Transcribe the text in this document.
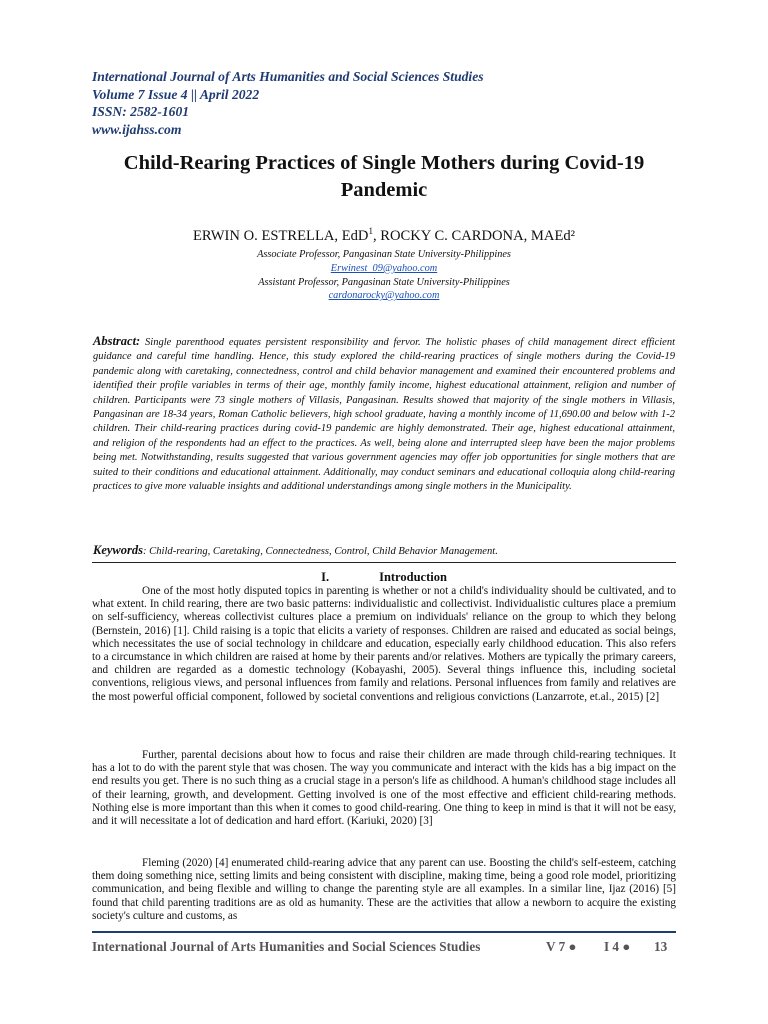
International Journal of Arts Humanities and Social Sciences Studies
Volume 7 Issue 4 || April 2022
ISSN: 2582-1601
www.ijahss.com
Child-Rearing Practices of Single Mothers during Covid-19 Pandemic
ERWIN O. ESTRELLA, EdD$^1$, ROCKY C. CARDONA, MAEd²
Associate Professor, Pangasinan State University-Philippines
Erwinest_09@yahoo.com
Assistant Professor, Pangasinan State University-Philippines
cardonarocky@yahoo.com
Abstract: Single parenthood equates persistent responsibility and fervor. The holistic phases of child management direct efficient guidance and careful time handling. Hence, this study explored the child-rearing practices of single mothers during the Covid-19 pandemic along with caretaking, connectedness, control and child behavior management and examined their encountered problems and identified their profile variables in terms of their age, monthly family income, highest educational attainment, religion and number of children. Participants were 73 single mothers of Villasis, Pangasinan. Results showed that majority of the single mothers in Villasis, Pangasinan are 18-34 years, Roman Catholic believers, high school graduate, having a monthly income of 11,690.00 and below with 1-2 children. Their child-rearing practices during covid-19 pandemic are highly demonstrated. Their age, highest educational attainment, and religion of the respondents had an effect to the practices. As well, being alone and interrupted sleep have been the major problems being met. Notwithstanding, results suggested that various government agencies may offer job opportunities for single mothers that are suited to their conditions and educational attainment. Additionally, may conduct seminars and educational colloquia along child-rearing practices to give more valuable insights and additional understandings among single mothers in the Municipality.
Keywords: Child-rearing, Caretaking, Connectedness, Control, Child Behavior Management.
I.	Introduction
One of the most hotly disputed topics in parenting is whether or not a child's individuality should be cultivated, and to what extent. In child rearing, there are two basic patterns: individualistic and collectivist. Individualistic cultures place a premium on self-sufficiency, whereas collectivist cultures place a premium on individuals' reliance on the group to which they belong (Bernstein, 2016) [1]. Child raising is a topic that elicits a variety of responses. Children are raised and educated as social beings, which necessitates the use of social technology in childcare and education, especially early childhood education. This also refers to a circumstance in which children are raised at home by their parents and/or relatives. Mothers are typically the primary careers, and children are regarded as a domestic technology (Kobayashi, 2005). Several things influence this, including societal conventions, religious views, and personal influences from family and relations. Personal influences from family and relatives are the most powerful official component, followed by societal conventions and religious convictions (Lanzarrote, et.al., 2015) [2]
Further, parental decisions about how to focus and raise their children are made through child-rearing techniques. It has a lot to do with the parent style that was chosen. The way you communicate and interact with the kids has a big impact on the end results you get. There is no such thing as a crucial stage in a person's life as childhood. A human's childhood stage includes all of their learning, growth, and development. Getting involved is one of the most effective and efficient child-rearing methods. Nothing else is more important than this when it comes to good child-rearing. One thing to keep in mind is that it will not be easy, and it will necessitate a lot of dedication and hard effort. (Kariuki, 2020) [3]
Fleming (2020) [4] enumerated child-rearing advice that any parent can use. Boosting the child's self-esteem, catching them doing something nice, setting limits and being consistent with discipline, making time, being a good role model, prioritizing communication, and being flexible and willing to change the parenting style are all examples. In a similar line, Ijaz (2016) [5] found that child parenting traditions are as old as humanity. These are the activities that allow a newborn to acquire the existing society's culture and customs, as
International Journal of Arts Humanities and Social Sciences Studies	V 7 ● I 4 ● 13
